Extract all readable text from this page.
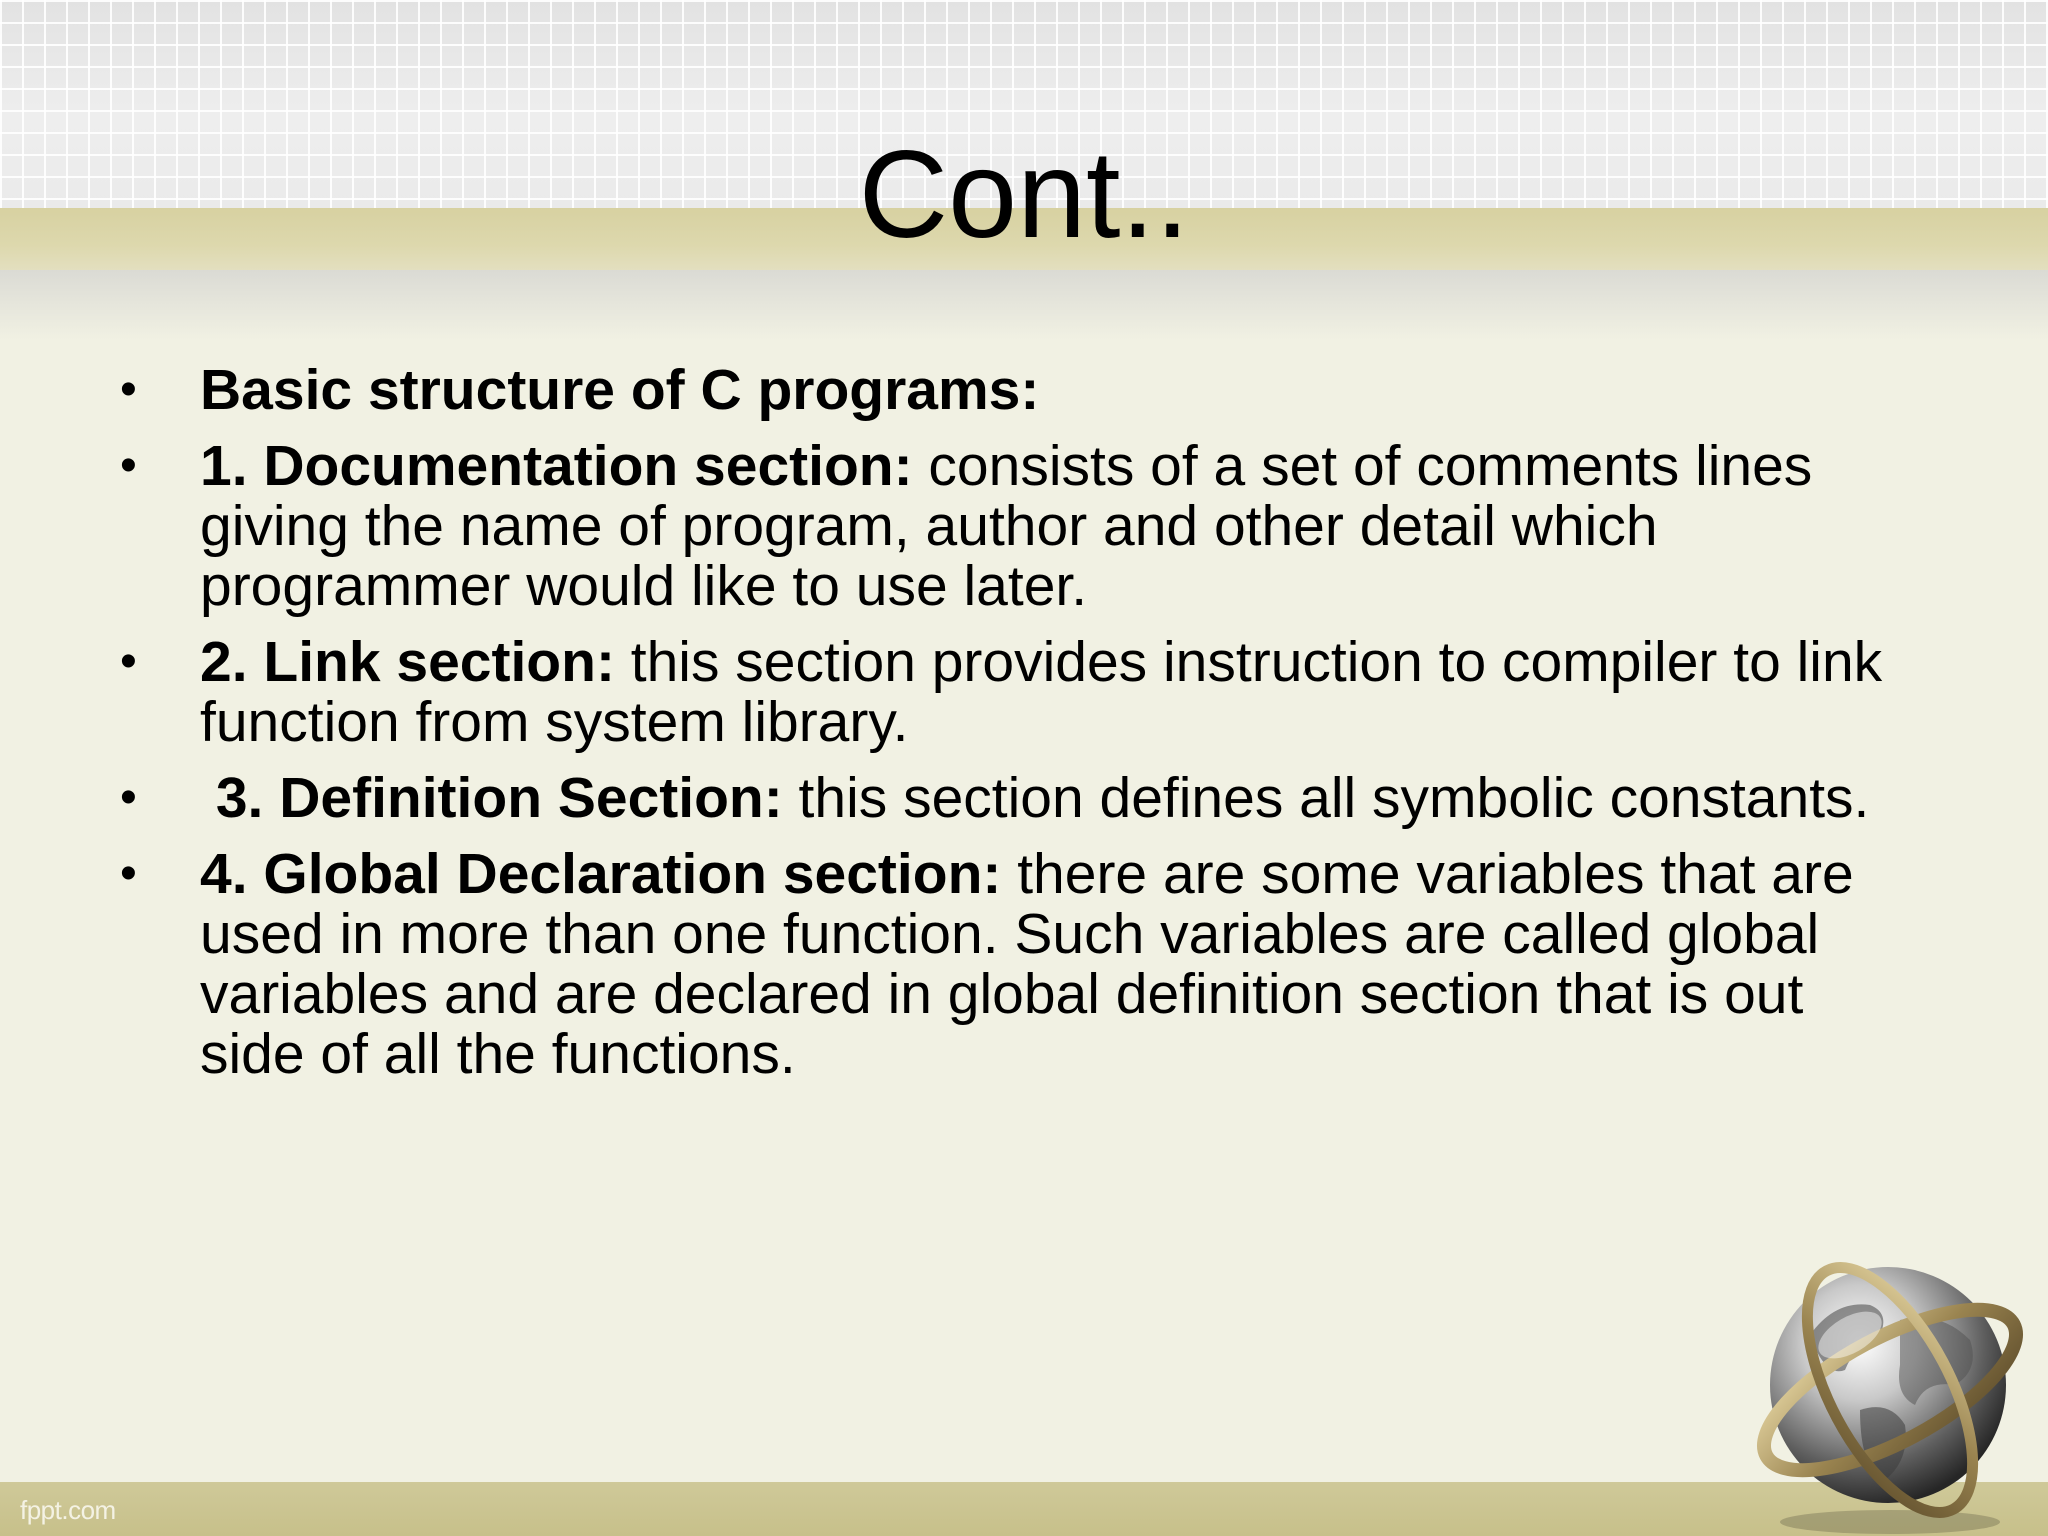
Cont..
• Basic structure of C programs:
• 1. Documentation section: consists of a set of comments lines giving the name of program, author and other detail which programmer would like to use later.
• 2. Link section: this section provides instruction to compiler to link function from system library.
• 3. Definition Section: this section defines all symbolic constants.
• 4. Global Declaration section: there are some variables that are used in more than one function. Such variables are called global variables and are declared in global definition section that is out side of all the functions.
fppt.com
